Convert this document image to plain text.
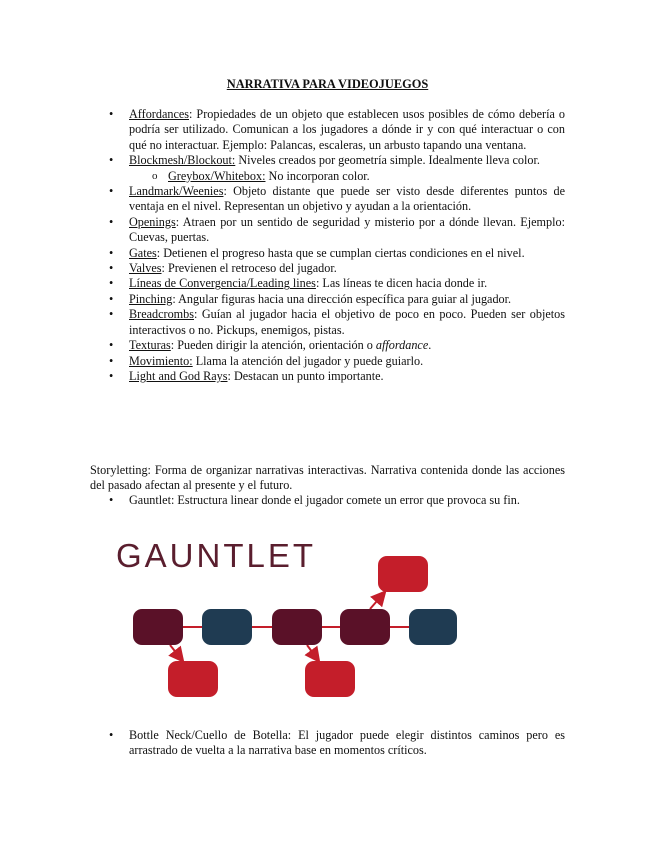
NARRATIVA PARA VIDEOJUEGOS
• Affordances: Propiedades de un objeto que establecen usos posibles de cómo debería o podría ser utilizado. Comunican a los jugadores a dónde ir y con qué interactuar o con qué no interactuar. Ejemplo: Palancas, escaleras, un arbusto tapando una ventana.
• Blockmesh/Blockout: Niveles creados por geometría simple. Idealmente lleva color.
o Greybox/Whitebox: No incorporan color.
• Landmark/Weenies: Objeto distante que puede ser visto desde diferentes puntos de ventaja en el nivel. Representan un objetivo y ayudan a la orientación.
• Openings: Atraen por un sentido de seguridad y misterio por a dónde llevan. Ejemplo: Cuevas, puertas.
• Gates: Detienen el progreso hasta que se cumplan ciertas condiciones en el nivel.
• Valves: Previenen el retroceso del jugador.
• Líneas de Convergencia/Leading lines: Las líneas te dicen hacia donde ir.
• Pinching: Angular figuras hacia una dirección específica para guiar al jugador.
• Breadcrombs: Guían al jugador hacia el objetivo de poco en poco. Pueden ser objetos interactivos o no. Pickups, enemigos, pistas.
• Texturas: Pueden dirigir la atención, orientación o affordance.
• Movimiento: Llama la atención del jugador y puede guiarlo.
• Light and God Rays: Destacan un punto importante.
Storyletting: Forma de organizar narrativas interactivas. Narrativa contenida donde las acciones del pasado afectan al presente y el futuro.
• Gauntlet: Estructura linear donde el jugador comete un error que provoca su fin.
GAUNTLET
• Bottle Neck/Cuello de Botella: El jugador puede elegir distintos caminos pero es arrastrado de vuelta a la narrativa base en momentos críticos.
